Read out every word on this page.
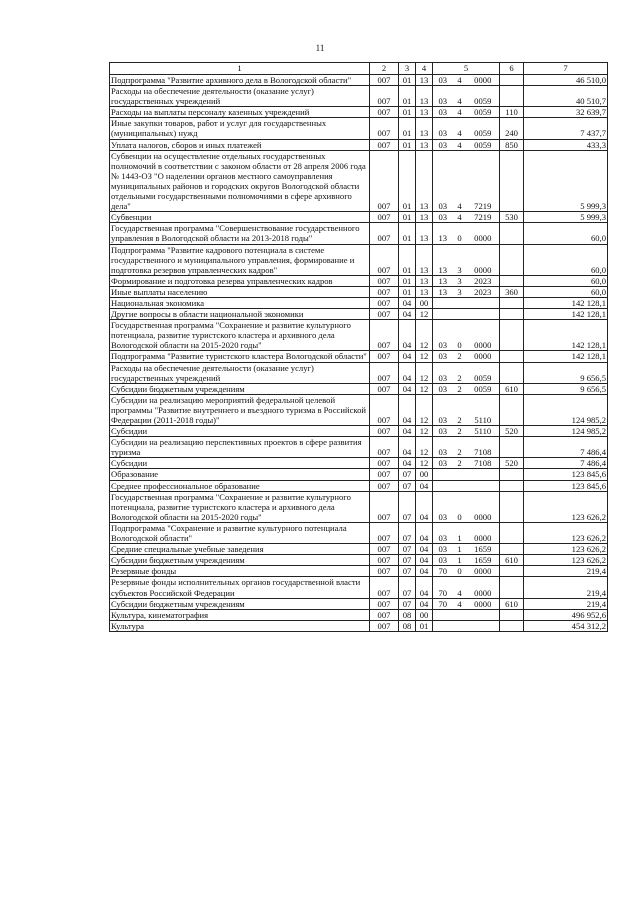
11
1	2	3	4	5			6	7
Подпрограмма "Развитие архивного дела в Вологодской области"	007	01	13	03	4	0000		46 510,0
Расходы на обеспечение деятельности (оказание услуг) государственных учреждений	007	01	13	03	4	0059		40 510,7
Расходы на выплаты персоналу казенных учреждений	007	01	13	03	4	0059	110	32 639,7
Иные закупки товаров, работ и услуг для государственных (муниципальных) нужд	007	01	13	03	4	0059	240	7 437,7
Уплата налогов, сборов и иных платежей	007	01	13	03	4	0059	850	433,3
Субвенции на осуществление отдельных государственных полномочий в соответствии с законом области от 28 апреля 2006 года № 1443-ОЗ "О наделении органов местного самоуправления муниципальных районов и городских округов Вологодской области отдельными государственными полномочиями в сфере архивного дела"	007	01	13	03	4	7219		5 999,3
Субвенции	007	01	13	03	4	7219	530	5 999,3
Государственная программа "Совершенствование государственного управления в Вологодской области на 2013-2018 годы"	007	01	13	13	0	0000		60,0
Подпрограмма "Развитие кадрового потенциала в системе государственного и муниципального управления, формирование и подготовка резервов управленческих кадров"	007	01	13	13	3	0000		60,0
Формирование и подготовка резерва управленческих кадров	007	01	13	13	3	2023		60,0
Иные выплаты населению	007	01	13	13	3	2023	360	60,0
Национальная экономика	007	04	00					142 128,1
Другие вопросы в области национальной экономики	007	04	12					142 128,1
Государственная программа "Сохранение и развитие культурного потенциала, развитие туристского кластера и архивного дела Вологодской области на 2015-2020 годы"	007	04	12	03	0	0000		142 128,1
Подпрограмма "Развитие туристского кластера Вологодской области"	007	04	12	03	2	0000		142 128,1
Расходы на обеспечение деятельности (оказание услуг) государственных учреждений	007	04	12	03	2	0059		9 656,5
Субсидии бюджетным учреждениям	007	04	12	03	2	0059	610	9 656,5
Субсидии на реализацию мероприятий федеральной целевой программы "Развитие внутреннего и въездного туризма в Российской Федерации (2011-2018 годы)"	007	04	12	03	2	5110		124 985,2
Субсидии	007	04	12	03	2	5110	520	124 985,2
Субсидии на реализацию перспективных проектов в сфере развития туризма	007	04	12	03	2	7108		7 486,4
Субсидии	007	04	12	03	2	7108	520	7 486,4
Образование	007	07	00					123 845,6
Среднее профессиональное образование	007	07	04					123 845,6
Государственная программа "Сохранение и развитие культурного потенциала, развитие туристского кластера и архивного дела Вологодской области на 2015-2020 годы"	007	07	04	03	0	0000		123 626,2
Подпрограмма "Сохранение и развитие культурного потенциала Вологодской области"	007	07	04	03	1	0000		123 626,2
Средние специальные учебные заведения	007	07	04	03	1	1659		123 626,2
Субсидии бюджетным учреждениям	007	07	04	03	1	1659	610	123 626,2
Резервные фонды	007	07	04	70	0	0000		219,4
Резервные фонды исполнительных органов государственной власти субъектов Российской Федерации	007	07	04	70	4	0000		219,4
Субсидии бюджетным учреждениям	007	07	04	70	4	0000	610	219,4
Культура, кинематография	007	08	00					496 952,6
Культура	007	08	01					454 312,2
